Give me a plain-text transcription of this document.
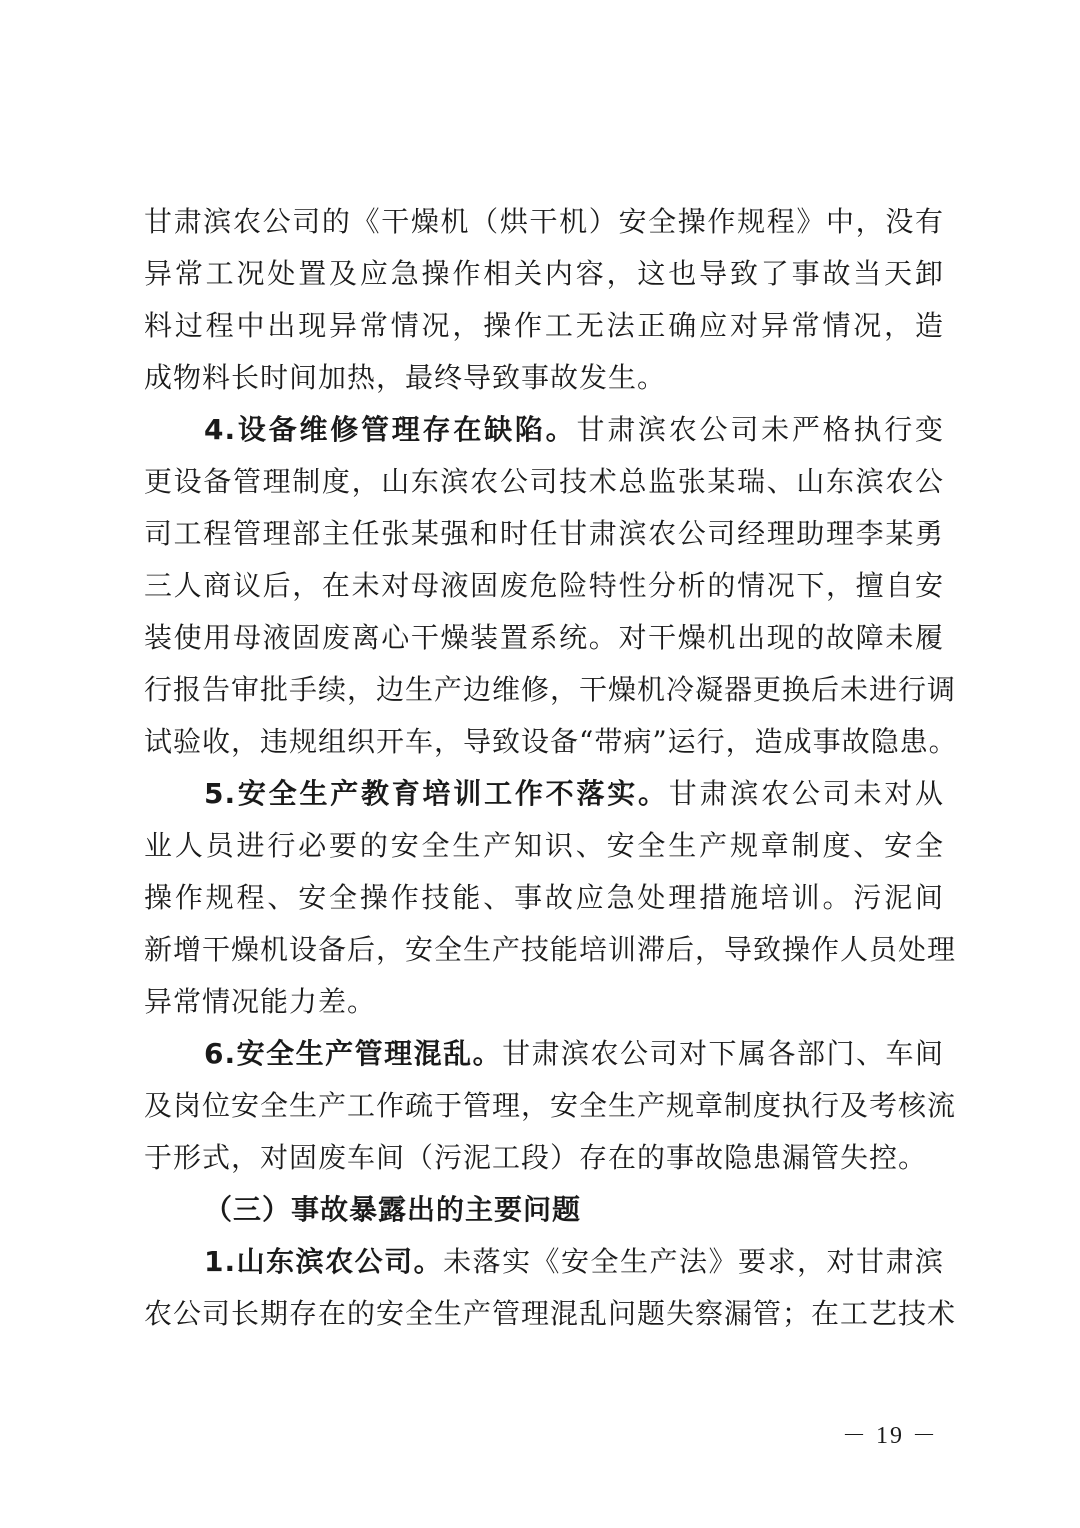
甘肃滨农公司的《干燥机（烘干机）安全操作规程》中，没有
异常工况处置及应急操作相关内容，这也导致了事故当天卸
料过程中出现异常情况，操作工无法正确应对异常情况，造
成物料长时间加热，最终导致事故发生。
4.设备维修管理存在缺陷。甘肃滨农公司未严格执行变
更设备管理制度，山东滨农公司技术总监张某瑞、山东滨农公
司工程管理部主任张某强和时任甘肃滨农公司经理助理李某勇
三人商议后，在未对母液固废危险特性分析的情况下，擅自安
装使用母液固废离心干燥装置系统。对干燥机出现的故障未履
行报告审批手续，边生产边维修，干燥机冷凝器更换后未进行调
试验收，违规组织开车，导致设备“带病”运行，造成事故隐患。
5.安全生产教育培训工作不落实。甘肃滨农公司未对从
业人员进行必要的安全生产知识、安全生产规章制度、安全
操作规程、安全操作技能、事故应急处理措施培训。污泥间
新增干燥机设备后，安全生产技能培训滞后，导致操作人员处理
异常情况能力差。
6.安全生产管理混乱。甘肃滨农公司对下属各部门、车间
及岗位安全生产工作疏于管理，安全生产规章制度执行及考核流
于形式，对固废车间（污泥工段）存在的事故隐患漏管失控。
（三）事故暴露出的主要问题
1.山东滨农公司。未落实《安全生产法》要求，对甘肃滨
农公司长期存在的安全生产管理混乱问题失察漏管；在工艺技术
－ 19 －
